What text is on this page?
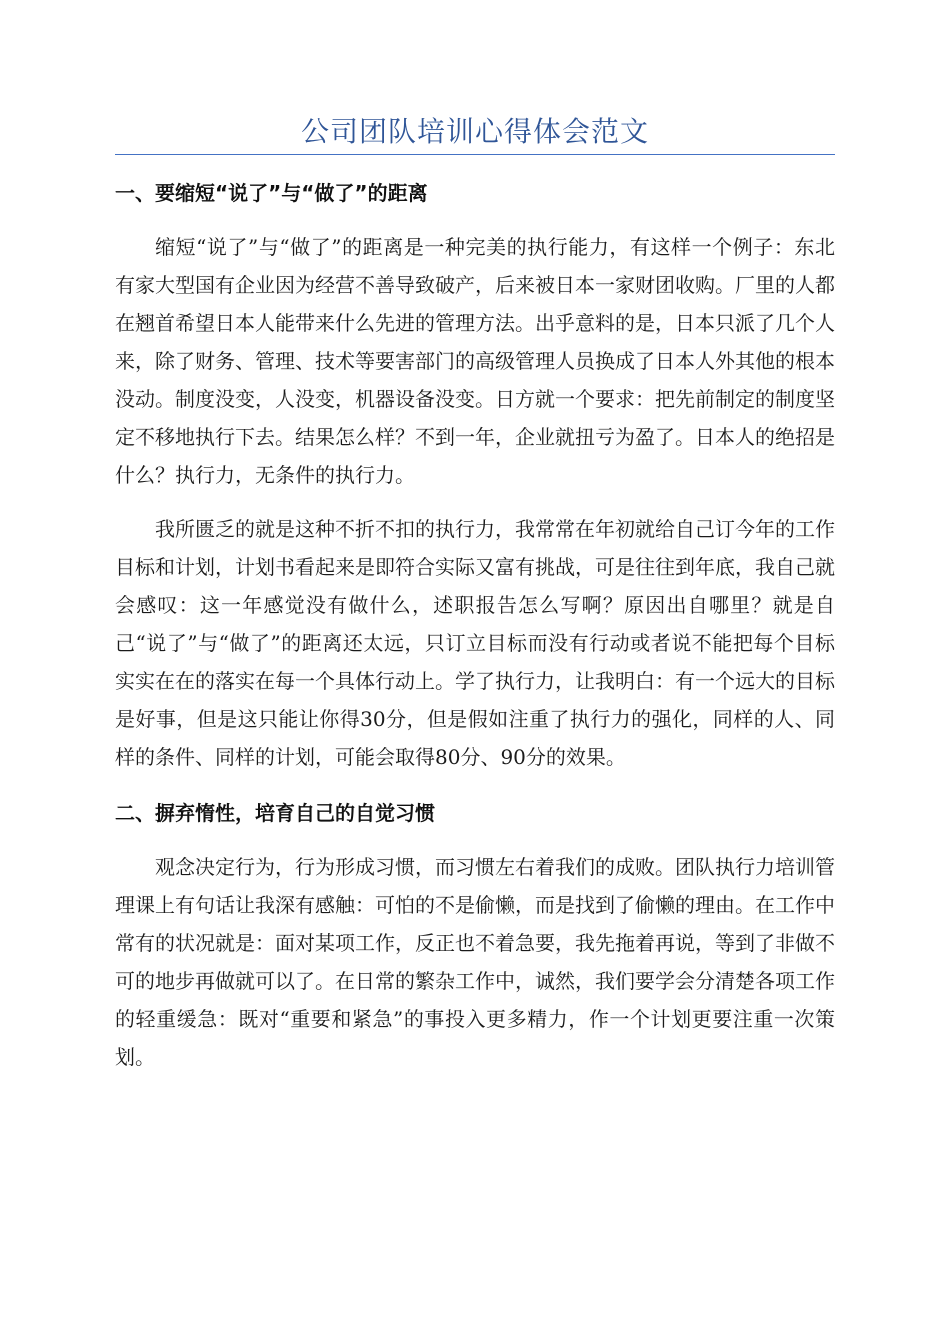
公司团队培训心得体会范文
一、要缩短“说了”与“做了”的距离

缩短“说了”与“做了”的距离是一种完美的执行能力，有这样一个例子：东北有家大型国有企业因为经营不善导致破产，后来被日本一家财团收购。厂里的人都在翘首希望日本人能带来什么先进的管理方法。出乎意料的是，日本只派了几个人来，除了财务、管理、技术等要害部门的高级管理人员换成了日本人外其他的根本没动。制度没变，人没变，机器设备没变。日方就一个要求：把先前制定的制度坚定不移地执行下去。结果怎么样？不到一年，企业就扭亏为盈了。日本人的绝招是什么？执行力，无条件的执行力。

我所匮乏的就是这种不折不扣的执行力，我常常在年初就给自己订今年的工作目标和计划，计划书看起来是即符合实际又富有挑战，可是往往到年底，我自己就会感叹：这一年感觉没有做什么，述职报告怎么写啊？原因出自哪里？就是自己“说了”与“做了”的距离还太远，只订立目标而没有行动或者说不能把每个目标实实在在的落实在每一个具体行动上。学了执行力，让我明白：有一个远大的目标是好事，但是这只能让你得30分，但是假如注重了执行力的强化，同样的人、同样的条件、同样的计划，可能会取得80分、90分的效果。

二、摒弃惰性，培育自己的自觉习惯

观念决定行为，行为形成习惯，而习惯左右着我们的成败。团队执行力培训管理课上有句话让我深有感触：可怕的不是偷懒，而是找到了偷懒的理由。在工作中常有的状况就是：面对某项工作，反正也不着急要，我先拖着再说，等到了非做不可的地步再做就可以了。在日常的繁杂工作中，诚然，我们要学会分清楚各项工作的轻重缓急：既对“重要和紧急”的事投入更多精力，作一个计划更要注重一次策划。
